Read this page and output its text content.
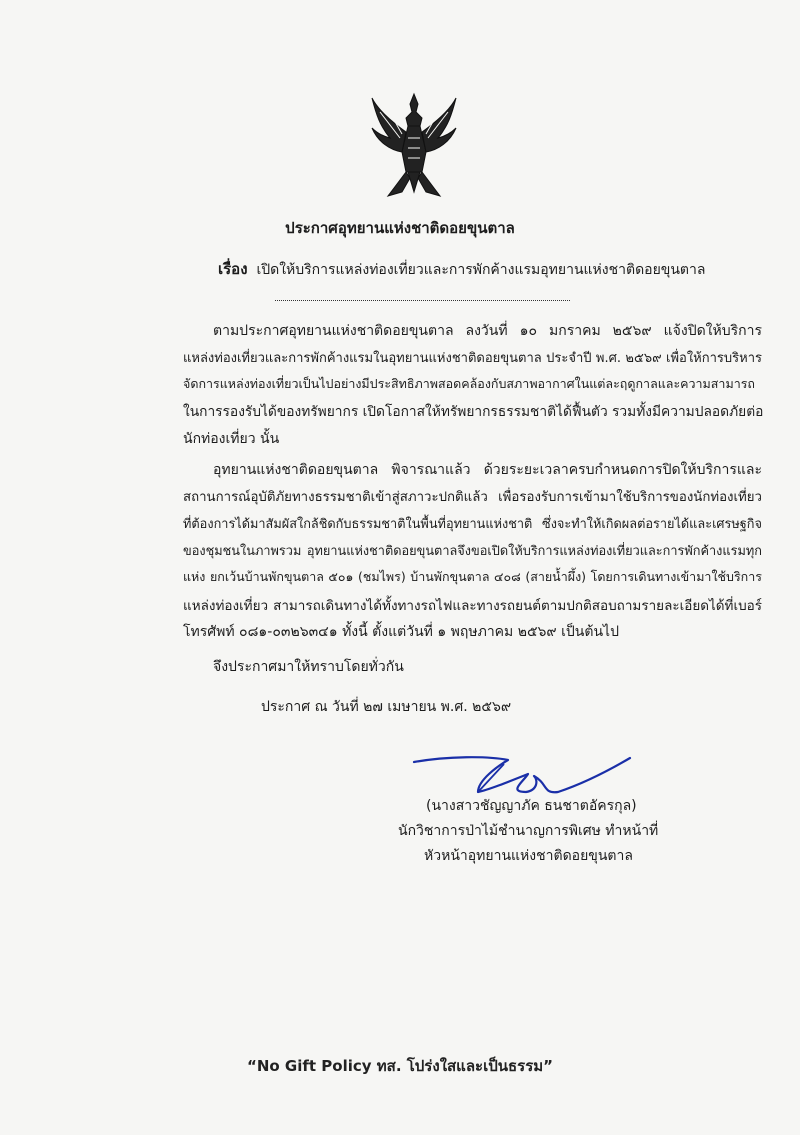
ประกาศอุทยานแห่งชาติดอยขุนตาล
เรื่อง เปิดให้บริการแหล่งท่องเที่ยวและการพักค้างแรมอุทยานแห่งชาติดอยขุนตาล
ตามประกาศอุทยานแห่งชาติดอยขุนตาล ลงวันที่ ๑๐ มกราคม ๒๕๖๙ แจ้งปิดให้บริการ
แหล่งท่องเที่ยวและการพักค้างแรมในอุทยานแห่งชาติดอยขุนตาล ประจำปี พ.ศ. ๒๕๖๙ เพื่อให้การบริหาร
จัดการแหล่งท่องเที่ยวเป็นไปอย่างมีประสิทธิภาพสอดคล้องกับสภาพอากาศในแต่ละฤดูกาลและความสามารถ
ในการรองรับได้ของทรัพยากร เปิดโอกาสให้ทรัพยากรธรรมชาติได้ฟื้นตัว รวมทั้งมีความปลอดภัยต่อ
นักท่องเที่ยว นั้น
อุทยานแห่งชาติดอยขุนตาล พิจารณาแล้ว ด้วยระยะเวลาครบกำหนดการปิดให้บริการและ
สถานการณ์อุบัติภัยทางธรรมชาติเข้าสู่สภาวะปกติแล้ว เพื่อรองรับการเข้ามาใช้บริการของนักท่องเที่ยว
ที่ต้องการได้มาสัมผัสใกล้ชิดกับธรรมชาติในพื้นที่อุทยานแห่งชาติ ซึ่งจะทำให้เกิดผลต่อรายได้และเศรษฐกิจ
ของชุมชนในภาพรวม อุทยานแห่งชาติดอยขุนตาลจึงขอเปิดให้บริการแหล่งท่องเที่ยวและการพักค้างแรมทุก
แห่ง ยกเว้นบ้านพักขุนตาล ๕๐๑ (ชมไพร) บ้านพักขุนตาล ๔๐๘ (สายน้ำผึ้ง) โดยการเดินทางเข้ามาใช้บริการ
แหล่งท่องเที่ยว สามารถเดินทางได้ทั้งทางรถไฟและทางรถยนต์ตามปกติสอบถามรายละเอียดได้ที่เบอร์
โทรศัพท์ ๐๘๑-๐๓๒๖๓๔๑ ทั้งนี้ ตั้งแต่วันที่ ๑ พฤษภาคม ๒๕๖๙ เป็นต้นไป
จึงประกาศมาให้ทราบโดยทั่วกัน
ประกาศ ณ วันที่ ๒๗ เมษายน พ.ศ. ๒๕๖๙
(นางสาวชัญญาภัค ธนชาตอัครกุล)
นักวิชาการป่าไม้ชำนาญการพิเศษ ทำหน้าที่
หัวหน้าอุทยานแห่งชาติดอยขุนตาล
“No Gift Policy ทส. โปร่งใสและเป็นธรรม”
